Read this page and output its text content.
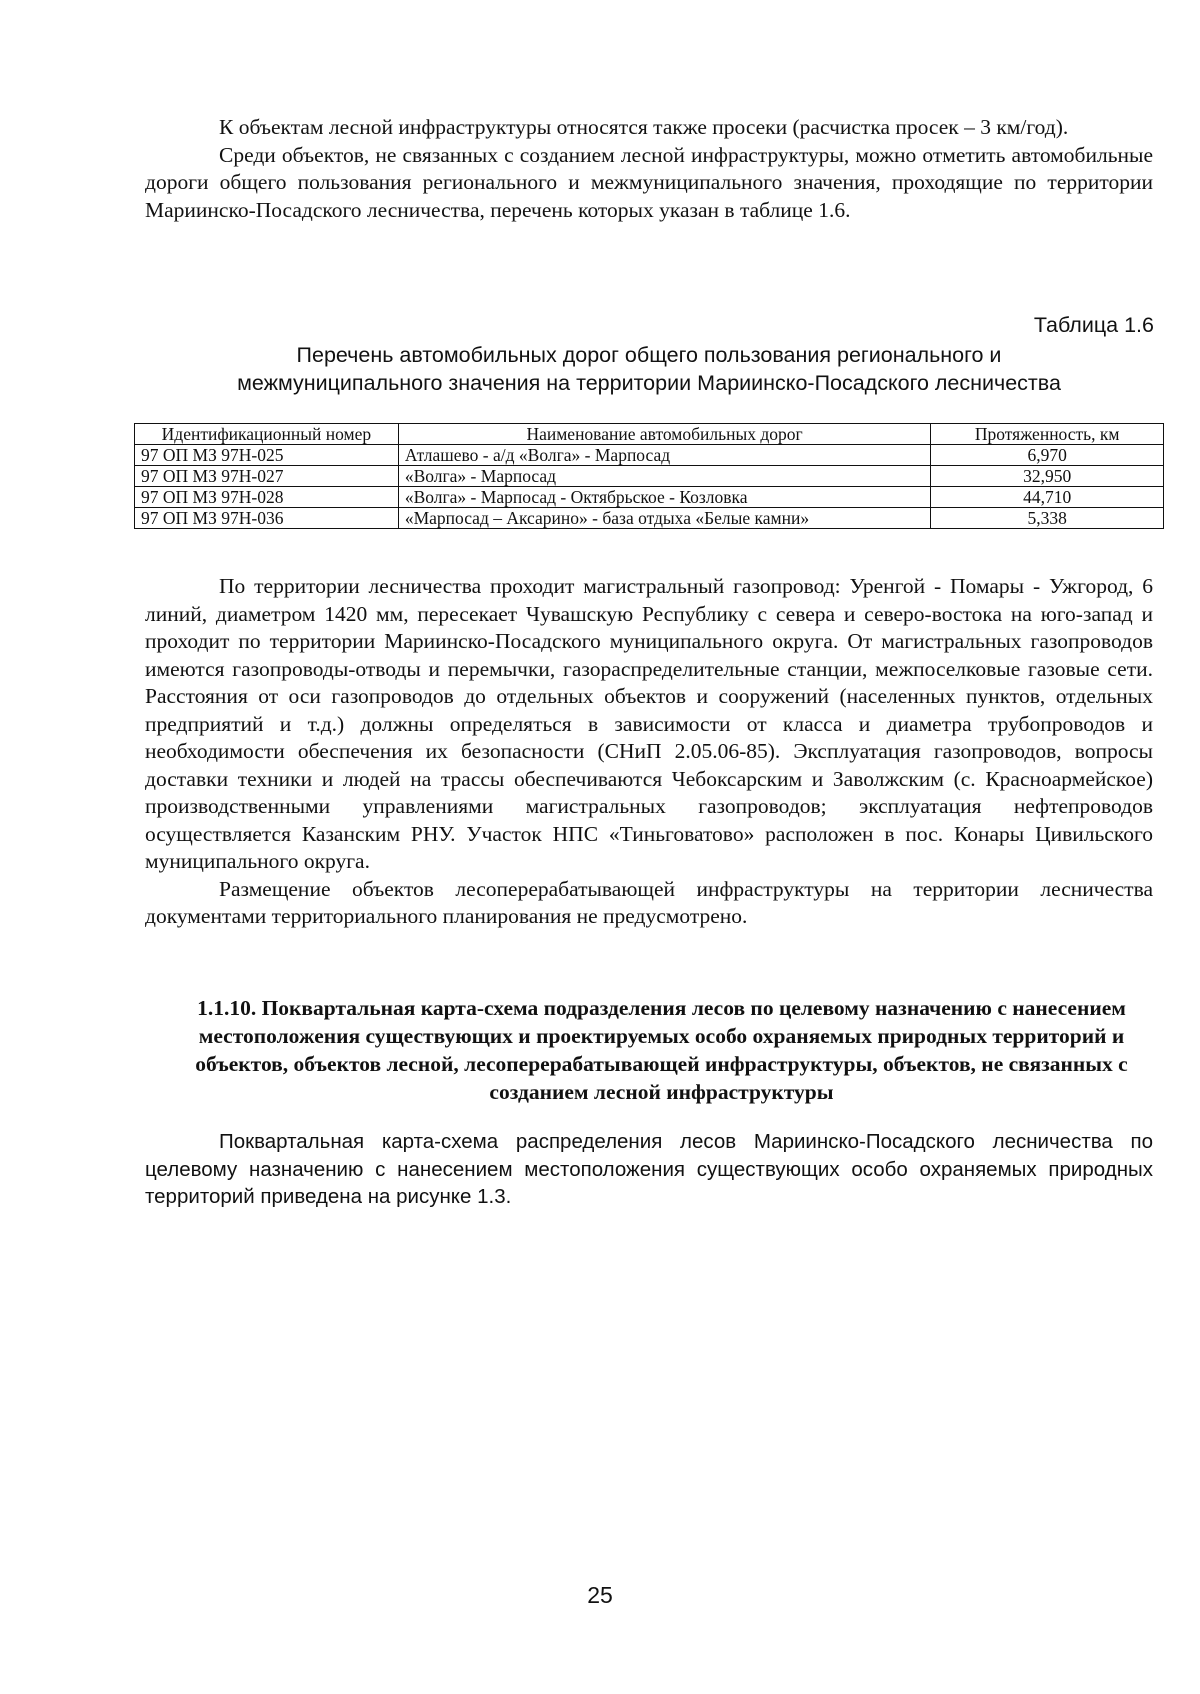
К объектам лесной инфраструктуры относятся также просеки (расчистка просек – 3 км/год).

Среди объектов, не связанных с созданием лесной инфраструктуры, можно отметить автомобильные дороги общего пользования регионального и межмуниципального значения, проходящие по территории Мариинско-Посадского лесничества, перечень которых указан в таблице 1.6.

Таблица 1.6
Перечень автомобильных дорог общего пользования регионального и
межмуниципального значения на территории Мариинско-Посадского лесничества
Идентификационный номер	Наименование автомобильных дорог	Протяженность, км
97 ОП МЗ 97Н-025	Атлашево - а/д «Волга» - Марпосад	6,970
97 ОП МЗ 97Н-027	«Волга» - Марпосад	32,950
97 ОП МЗ 97Н-028	«Волга» - Марпосад - Октябрьское - Козловка	44,710
97 ОП МЗ 97Н-036	«Марпосад – Аксарино» - база отдыха «Белые камни»	5,338

По территории лесничества проходит магистральный газопровод: Уренгой - Помары - Ужгород, 6 линий, диаметром 1420 мм, пересекает Чувашскую Республику с севера и северо-востока на юго-запад и проходит по территории Мариинско-Посадского муниципального округа. От магистральных газопроводов имеются газопроводы-отводы и перемычки, газораспределительные станции, межпоселковые газовые сети. Расстояния от оси газопроводов до отдельных объектов и сооружений (населенных пунктов, отдельных предприятий и т.д.) должны определяться в зависимости от класса и диаметра трубопроводов и необходимости обеспечения их безопасности (СНиП 2.05.06-85). Эксплуатация газопроводов, вопросы доставки техники и людей на трассы обеспечиваются Чебоксарским и Заволжским (с. Красноармейское) производственными управлениями магистральных газопроводов; эксплуатация нефтепроводов осуществляется Казанским РНУ. Участок НПС «Тиньговатово» расположен в пос. Конары Цивильского муниципального округа.

Размещение объектов лесоперерабатывающей инфраструктуры на территории лесничества документами территориального планирования не предусмотрено.

1.1.10. Поквартальная карта-схема подразделения лесов по целевому назначению с нанесением местоположения существующих и проектируемых особо охраняемых природных территорий и объектов, объектов лесной, лесоперерабатывающей инфраструктуры, объектов, не связанных с созданием лесной инфраструктуры

Поквартальная карта-схема распределения лесов Мариинско-Посадского лесничества по целевому назначению с нанесением местоположения существующих особо охраняемых природных территорий приведена на рисунке 1.3.

25
